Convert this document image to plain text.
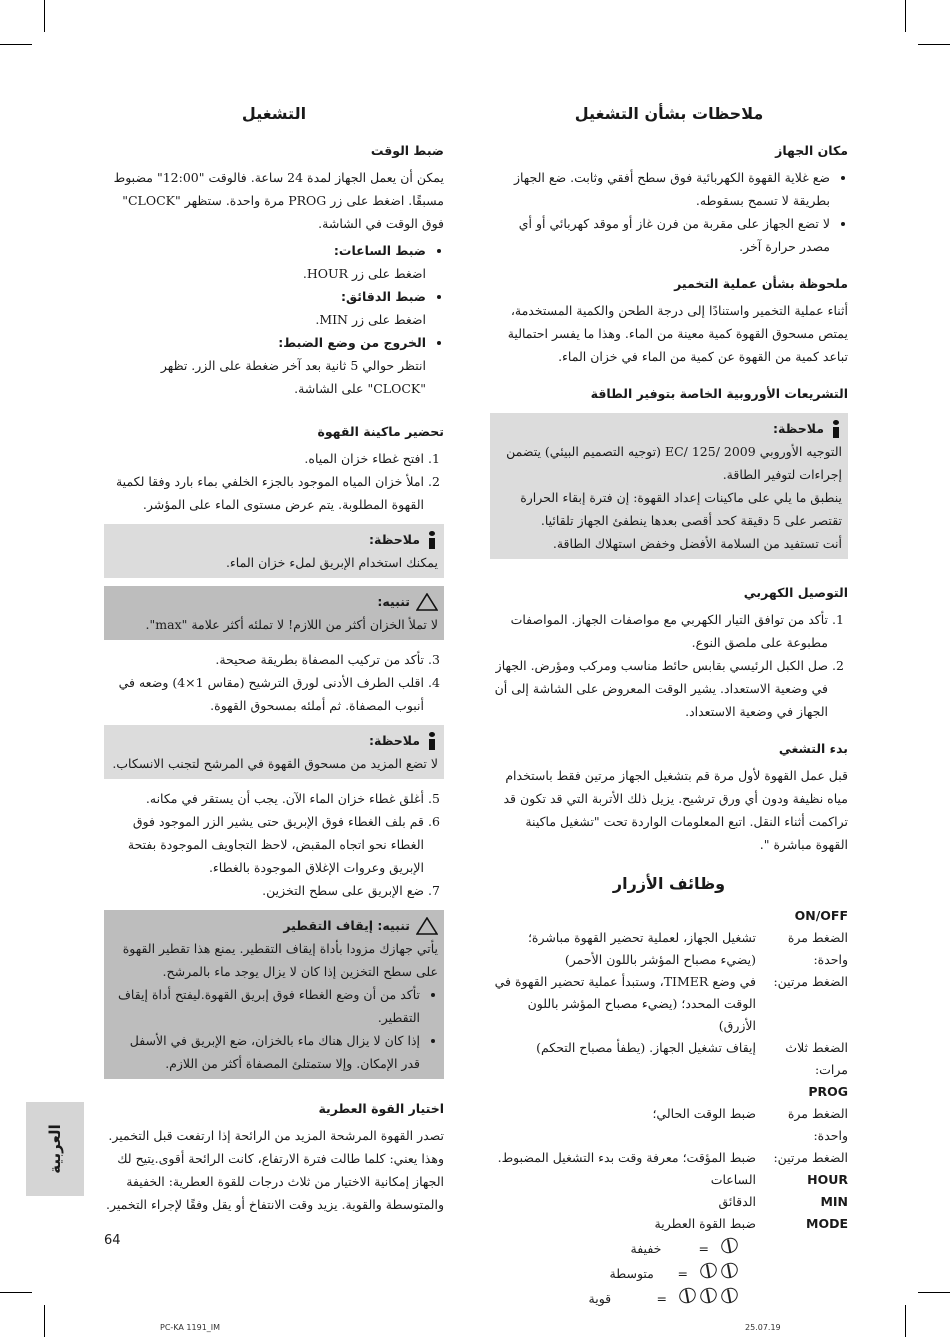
ملاحظات بشأن التشغيل
مكان الجهاز
• ضع غلاية القهوة الكهربائية فوق سطح أفقي وثابت. ضع الجهاز بطريقة لا تسمح بسقوطه.
• لا تضع الجهاز على مقربة من فرن غاز أو موقد كهربائي أو أي مصدر حرارة آخر.
ملحوظة بشأن عملية التخمير

أثناء عملية التخمير واستنادًا إلى درجة الطحن والكمية المستخدمة، يمتص مسحوق القهوة كمية معينة من الماء. وهذا ما يفسر احتمالية تباعد كمية من القهوة عن كمية من الماء في خزان الماء.

التشريعات الأوروبية الخاصة بتوفير الطاقة
ملاحظة:

التوجيه الأوروبي EC/ 125/ 2009 (توجيه التصميم البيئي) يتضمن إجراءات لتوفير الطاقة.

ينطبق ما يلي على ماكينات إعداد القهوة: إن فترة إبقاء الحرارة تقتصر على 5 دقيقة كحد أقصى بعدها ينطفئ الجهاز تلقائيا.

أنت تستفيد من السلامة الأفضل وخفض استهلاك الطاقة.

التوصيل الكهربي
1. تأكد من توافق التيار الكهربي مع مواصفات الجهاز. المواصفات مطبوعة على ملصق النوع.
2. صل الكبل الرئيسي بقابس حائط مناسب ومركب ومؤرض. الجهاز في وضعية الاستعداد. يشير الوقت المعروض على الشاشة إلى أن الجهاز في وضعية الاستعداد.
بدء التشغي

قبل عمل القهوة لأول مرة قم بتشغيل الجهاز مرتين فقط باستخدام مياه نظيفة ودون أي ورق ترشيح. يزيل ذلك الأتربة التي قد تكون قد تراكمت أثناء النقل. اتبع المعلومات الواردة تحت "تشغيل ماكينة القهوة مباشرة ".

وظائف الأزرار
ON/OFF	
الضغط مرة واحدة:	تشغيل الجهاز، لعملية تحضير القهوة مباشرة؛ (يضيء مصباح المؤشر باللون الأحمر)
الضغط مرتين:	في وضع TIMER، وستبدأ عملية تحضير القهوة في الوقت المحدد؛ (يضيء مصباح المؤشر باللون الأزرق)
الضغط ثلاث مرات:	إيقاف تشغيل الجهاز. (يطفأ مصباح التحكم)
PROG	
الضغط مرة واحدة:	ضبط الوقت الحالي؛
الضغط مرتين:	ضبط المؤقت؛ معرفة وقت بدء التشغيل المضبوط.
HOUR	الساعات
MIN	الدقائق
MODE	ضبط القوة العطرية
=
خفيفة
=
متوسطة
=
قوية
التشغيل
ضبط الوقت

يمكن أن يعمل الجهاز لمدة 24 ساعة. فالوقت "12:00" مضبوط مسبقًا. اضغط على زر PROG مرة واحدة. ستظهر "CLOCK" فوق الوقت في الشاشة.

• ضبط الساعات:
اضغط على زر HOUR.
• ضبط الدقائق:
اضغط على زر MIN.
• الخروج من وضع الضبط:
انتظر حوالي 5 ثانية بعد آخر ضغطة على الزر. تظهر "CLOCK" على الشاشة.
تحضير ماكينة القهوة
1. افتح غطاء خزان المياه.
2. املأ خزان المياه الموجود بالجزء الخلفي بماء بارد وفقا لكمية القهوة المطلوبة. يتم عرض مستوى الماء على المؤشر.
ملاحظة:

يمكنك استخدام الإبريق لملء خزان الماء.

تنبيه:

لا تملأ الخزان أكثر من اللازم! لا تملئه أكثر علامة "max".

3. تأكد من تركيب المصفاة بطريقة صحيحة.
4. اقلب الطرف الأدنى لورق الترشيح (مقاس 1×4) وضعه في أنبوب المصفاة. ثم أملئه بمسحوق القهوة.
ملاحظة:

لا تضع المزيد من مسحوق القهوة في المرشح لتجنب الانسكاب.

5. أغلق غطاء خزان الماء الآن. يجب أن يستقر في مكانه.
6. قم بلف الغطاء فوق الإبريق حتى يشير الزر الموجود فوق الغطاء نحو اتجاه المقبض، لاحظ التجاويف الموجودة بفتحة الإبريق وعروات الإغلاق الموجودة بالغطاء.
7. ضع الإبريق على سطح التخزين.
تنبيه: إيقاف التقطير

يأتي جهازك مزودا بأداة إيقاف التقطير. يمنع هذا تقطير القهوة على سطح التخزين إذا كان لا يزال يوجد ماء بالمرشح.

• تأكد من أن وضع الغطاء فوق إبريق القهوة.ليفتح أداة إيقاف التقطير.
• إذا كان لا يزال هناك ماء بالخزان، ضع الإبريق في الأسفل قدر الإمكان. وإلا ستمتلئ المصفاة أكثر من اللازم.
اختيار القوة العطرية

تصدر القهوة المرشحة المزيد من الرائحة إذا ارتفعت قبل التخمير. وهذا يعني: كلما طالت فترة الارتفاع، كانت الرائحة أقوى.يتيح لك الجهاز إمكانية الاختيار من ثلاث درجات للقوة العطرية: الخفيفة والمتوسطة والقوية. يزيد وقت الانتفاخ أو يقل وفقًا لإجراء التخمير.

العربية
64
PC-KA 1191_IM	25.07.19
